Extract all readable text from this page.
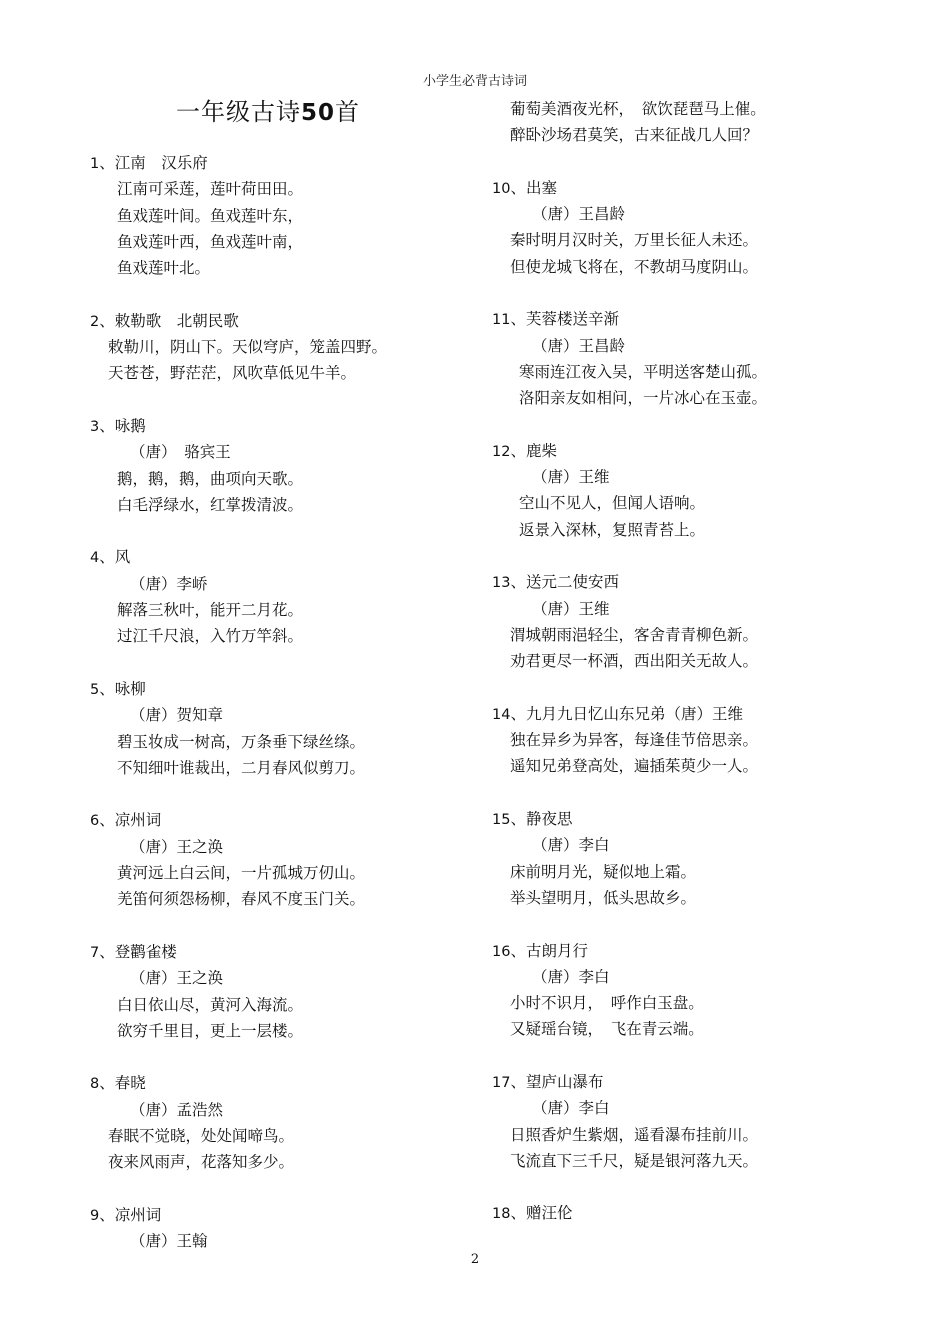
小学生必背古诗词
一年级古诗50首
1、江南　汉乐府
江南可采莲，莲叶荷田田。
鱼戏莲叶间。鱼戏莲叶东，
鱼戏莲叶西，鱼戏莲叶南，
鱼戏莲叶北。
2、敕勒歌　北朝民歌
敕勒川，阴山下。天似穹庐，笼盖四野。
天苍苍，野茫茫，风吹草低见牛羊。
3、咏鹅
（唐）　骆宾王
鹅，鹅，鹅，曲项向天歌。
白毛浮绿水，红掌拨清波。
4、风
（唐）李峤
解落三秋叶，能开二月花。
过江千尺浪，入竹万竿斜。
5、咏柳
（唐）贺知章
碧玉妆成一树高，万条垂下绿丝绦。
不知细叶谁裁出，二月春风似剪刀。
6、凉州词
（唐）王之涣
黄河远上白云间，一片孤城万仞山。
羌笛何须怨杨柳，春风不度玉门关。
7、登鹳雀楼
（唐）王之涣
白日依山尽，黄河入海流。
欲穷千里目，更上一层楼。
8、春晓
（唐）孟浩然
春眠不觉晓，处处闻啼鸟。
夜来风雨声，花落知多少。
9、凉州词
（唐）王翰
葡萄美酒夜光杯，　欲饮琵琶马上催。
醉卧沙场君莫笑，古来征战几人回？
10、出塞
（唐）王昌龄
秦时明月汉时关，万里长征人未还。
但使龙城飞将在，不教胡马度阴山。
11、芙蓉楼送辛渐
（唐）王昌龄
寒雨连江夜入吴，平明送客楚山孤。
洛阳亲友如相问，一片冰心在玉壶。
12、鹿柴
（唐）王维
空山不见人，但闻人语响。
返景入深林，复照青苔上。
13、送元二使安西
（唐）王维
渭城朝雨浥轻尘，客舍青青柳色新。
劝君更尽一杯酒，西出阳关无故人。
14、九月九日忆山东兄弟（唐）王维
独在异乡为异客，每逢佳节倍思亲。
遥知兄弟登高处，遍插茱萸少一人。
15、静夜思
（唐）李白
床前明月光，疑似地上霜。
举头望明月，低头思故乡。
16、古朗月行
（唐）李白
小时不识月，　呼作白玉盘。
又疑瑶台镜，　飞在青云端。
17、望庐山瀑布
（唐）李白
日照香炉生紫烟，遥看瀑布挂前川。
飞流直下三千尺，疑是银河落九天。
18、赠汪伦
2
